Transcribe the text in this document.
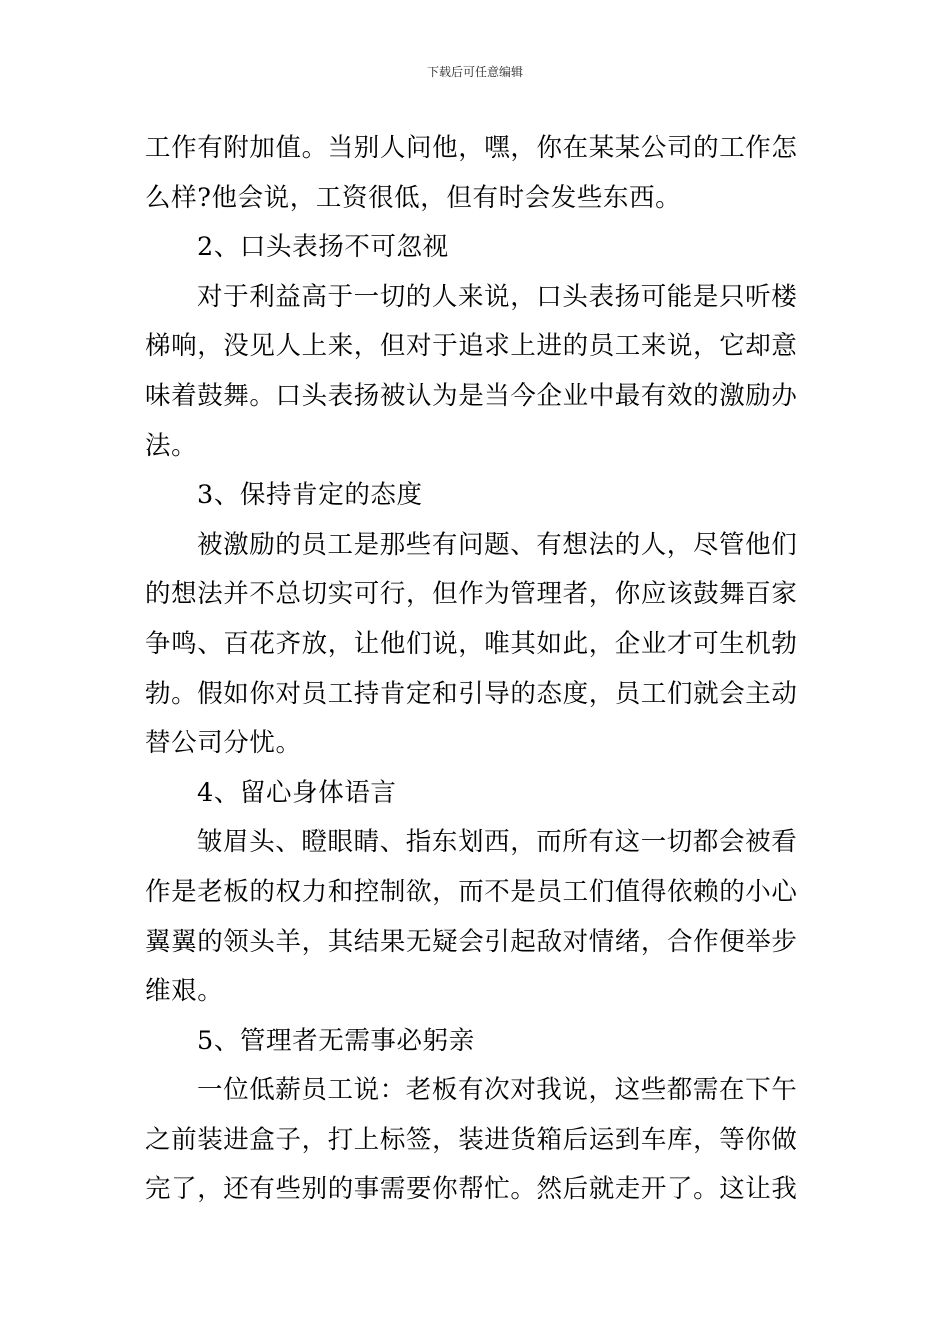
下载后可任意编辑

工作有附加值。当别人问他，嘿，你在某某公司的工作怎么样?他会说，工资很低，但有时会发些东西。

2、口头表扬不可忽视

对于利益高于一切的人来说，口头表扬可能是只听楼梯响，没见人上来，但对于追求上进的员工来说，它却意味着鼓舞。口头表扬被认为是当今企业中最有效的激励办法。

3、保持肯定的态度

被激励的员工是那些有问题、有想法的人，尽管他们的想法并不总切实可行，但作为管理者，你应该鼓舞百家争鸣、百花齐放，让他们说，唯其如此，企业才可生机勃勃。假如你对员工持肯定和引导的态度，员工们就会主动替公司分忧。

4、留心身体语言

皱眉头、瞪眼睛、指东划西，而所有这一切都会被看作是老板的权力和控制欲，而不是员工们值得依赖的小心翼翼的领头羊，其结果无疑会引起敌对情绪，合作便举步维艰。

5、管理者无需事必躬亲

一位低薪员工说：老板有次对我说，这些都需在下午之前装进盒子，打上标签，装进货箱后运到车库，等你做完了，还有些别的事需要你帮忙。然后就走开了。这让我
